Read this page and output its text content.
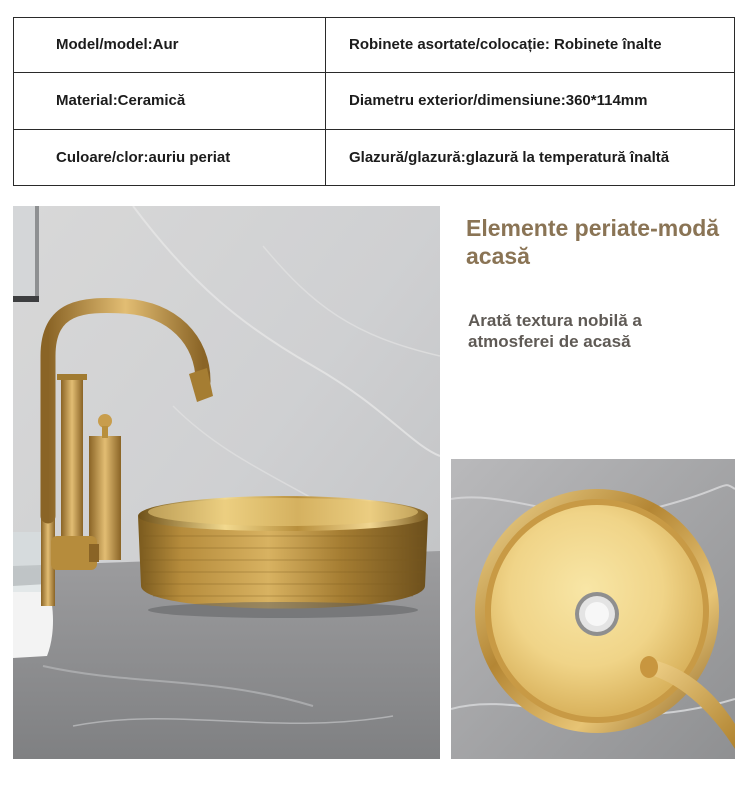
Model/model:Aur	Robinete asortate/colocație: Robinete înalte
Material:Ceramică	Diametru exterior/dimensiune:360*114mm
Culoare/clor:auriu periat	Glazură/glazură:glazură la temperatură înaltă
Elemente periate-modă acasă
Arată textura nobilă a atmosferei de acasă
